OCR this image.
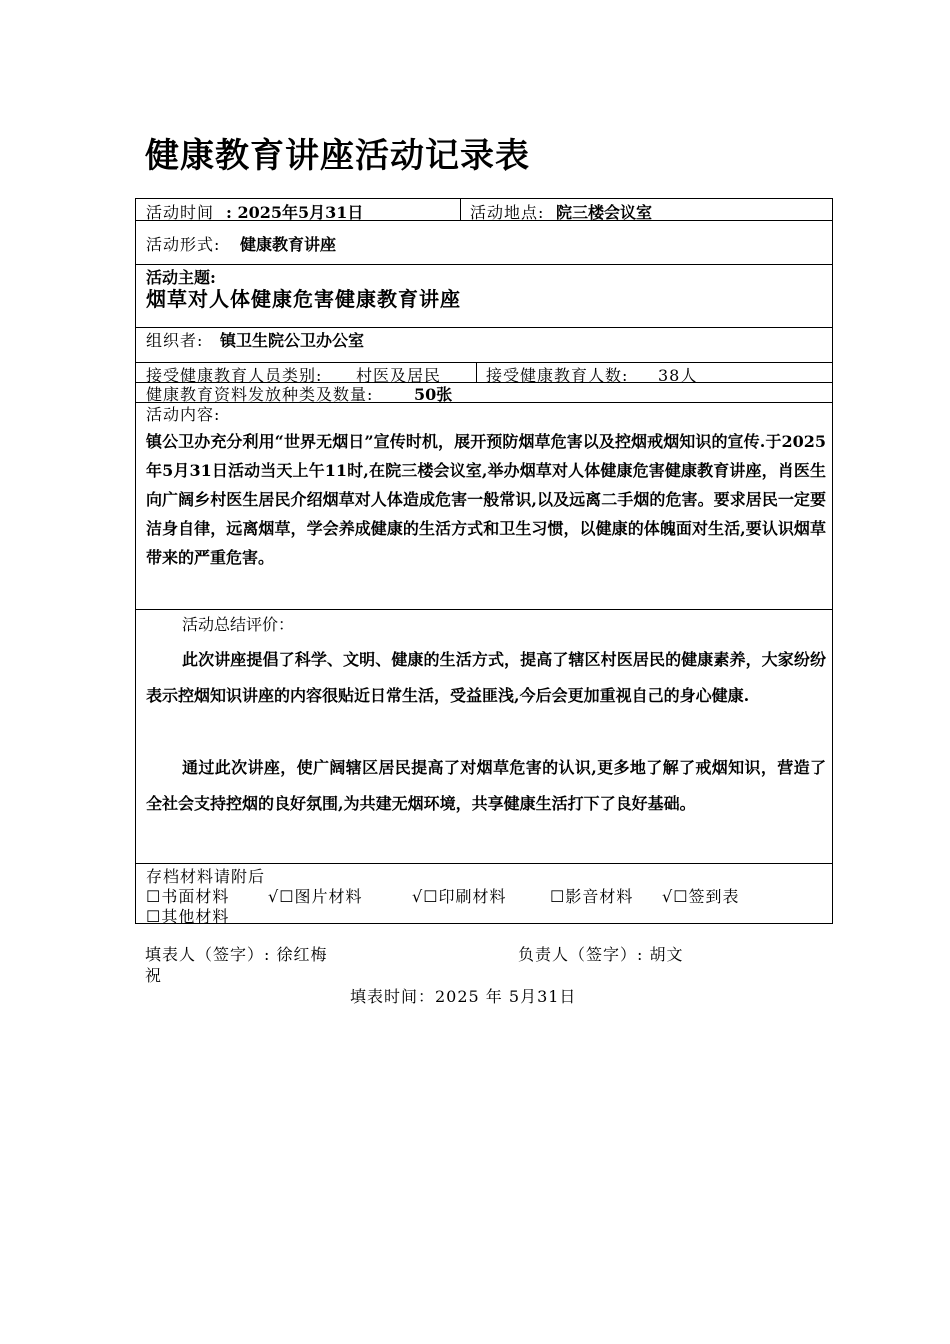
健康教育讲座活动记录表
活动时间 : 2025年5月31日	活动地点: 院三楼会议室
活动形式: 健康教育讲座
活动主题:
烟草对人体健康危害健康教育讲座
组织者: 镇卫生院公卫办公室
接受健康教育人员类别: 村医及居民	接受健康教育人数: 38人
健康教育资料发放种类及数量:	50张
活动内容:
镇公卫办充分利用“世界无烟日”宣传时机，展开预防烟草危害以及控烟戒烟知识的宣传.于2025年5月31日活动当天上午11时,在院三楼会议室,举办烟草对人体健康危害健康教育讲座，肖医生向广阔乡村医生居民介绍烟草对人体造成危害一般常识,以及远离二手烟的危害。要求居民一定要洁身自律，远离烟草，学会养成健康的生活方式和卫生习惯，以健康的体魄面对生活,要认识烟草带来的严重危害。
活动总结评价：
此次讲座提倡了科学、文明、健康的生活方式，提高了辖区村医居民的健康素养，大家纷纷表示控烟知识讲座的内容很贴近日常生活，受益匪浅,今后会更加重视自己的身心健康.
通过此次讲座，使广阔辖区居民提高了对烟草危害的认识,更多地了解了戒烟知识，营造了全社会支持控烟的良好氛围,为共建无烟环境，共享健康生活打下了良好基础。
存档材料请附后
☐书面材料 √☐图片材料	√☐印刷材料	☐影音材料 √☐签到表
☐其他材料
填表人（签字）: 徐红梅	负责人（签字）: 胡文
祝
填表时间：2025 年 5月31日
